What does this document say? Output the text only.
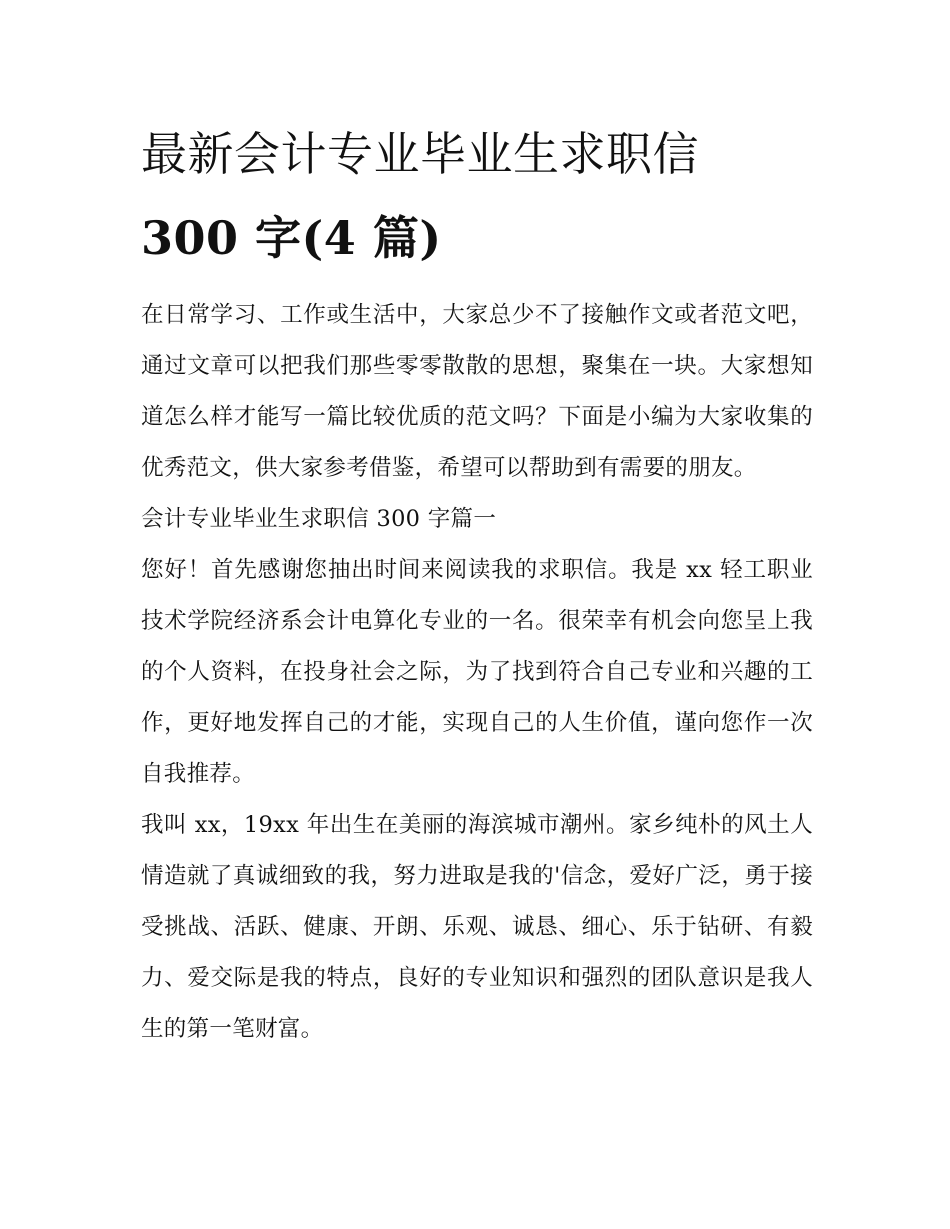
最新会计专业毕业生求职信
300 字(4 篇)

在日常学习、工作或生活中，大家总少不了接触作文或者范文吧，通过文章可以把我们那些零零散散的思想，聚集在一块。大家想知道怎么样才能写一篇比较优质的范文吗？下面是小编为大家收集的优秀范文，供大家参考借鉴，希望可以帮助到有需要的朋友。

会计专业毕业生求职信 300 字篇一

您好！首先感谢您抽出时间来阅读我的求职信。我是 xx 轻工职业技术学院经济系会计电算化专业的一名。很荣幸有机会向您呈上我的个人资料，在投身社会之际，为了找到符合自己专业和兴趣的工作，更好地发挥自己的才能，实现自己的人生价值，谨向您作一次自我推荐。

我叫 xx，19xx 年出生在美丽的海滨城市潮州。家乡纯朴的风土人情造就了真诚细致的我，努力进取是我的'信念，爱好广泛，勇于接受挑战、活跃、健康、开朗、乐观、诚恳、细心、乐于钻研、有毅力、爱交际是我的特点，良好的专业知识和强烈的团队意识是我人生的第一笔财富。
